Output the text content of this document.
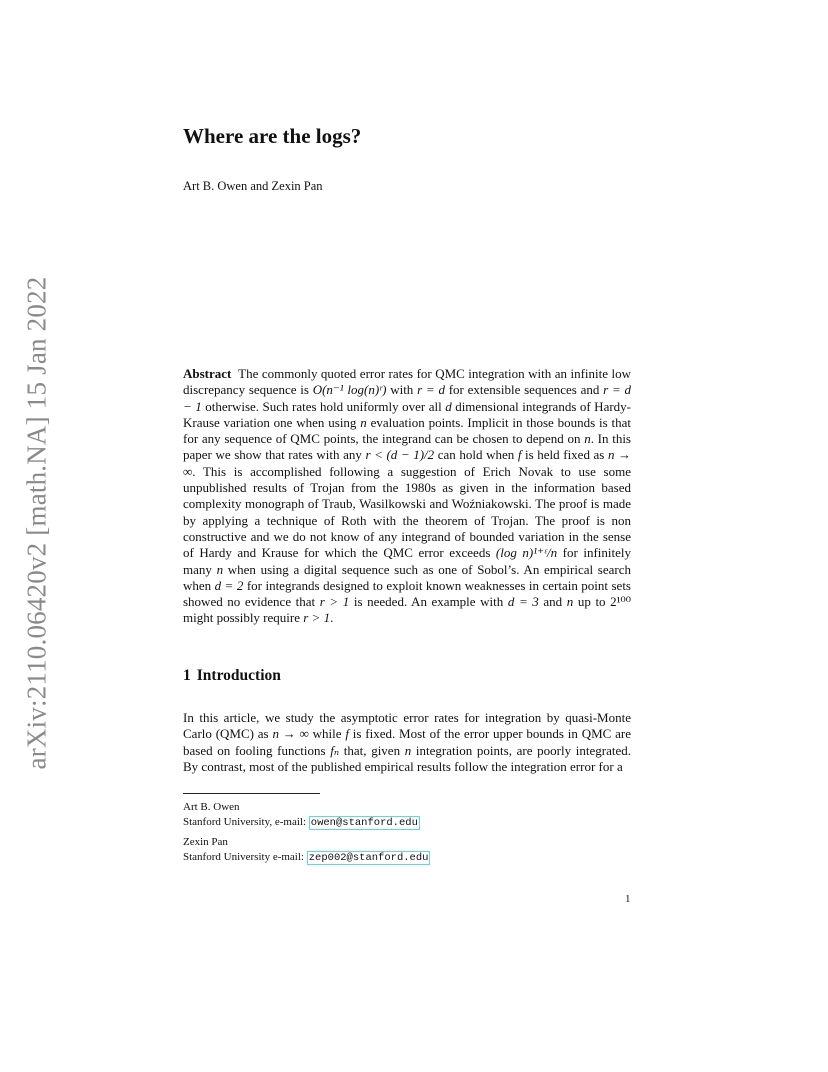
arXiv:2110.06420v2 [math.NA] 15 Jan 2022
Where are the logs?

Art B. Owen and Zexin Pan

Abstract The commonly quoted error rates for QMC integration with an infinite low discrepancy sequence is O(n⁻¹ log(n)ʳ) with r = d for extensible sequences and r = d − 1 otherwise. Such rates hold uniformly over all d dimensional integrands of Hardy-Krause variation one when using n evaluation points. Implicit in those bounds is that for any sequence of QMC points, the integrand can be chosen to depend on n. In this paper we show that rates with any r < (d − 1)/2 can hold when f is held fixed as n → ∞. This is accomplished following a suggestion of Erich Novak to use some unpublished results of Trojan from the 1980s as given in the information based complexity monograph of Traub, Wasilkowski and Woźniakowski. The proof is made by applying a technique of Roth with the theorem of Trojan. The proof is non constructive and we do not know of any integrand of bounded variation in the sense of Hardy and Krause for which the QMC error exceeds (log n)¹⁺ᵋ/n for infinitely many n when using a digital sequence such as one of Sobol’s. An empirical search when d = 2 for integrands designed to exploit known weaknesses in certain point sets showed no evidence that r > 1 is needed. An example with d = 3 and n up to 2¹⁰⁰ might possibly require r > 1.

1 Introduction

In this article, we study the asymptotic error rates for integration by quasi-Monte Carlo (QMC) as n → ∞ while f is fixed. Most of the error upper bounds in QMC are based on fooling functions fₙ that, given n integration points, are poorly integrated. By contrast, most of the published empirical results follow the integration error for a

Art B. Owen
Stanford University, e-mail: owen@stanford.edu

Zexin Pan
Stanford University e-mail: zep002@stanford.edu

1
